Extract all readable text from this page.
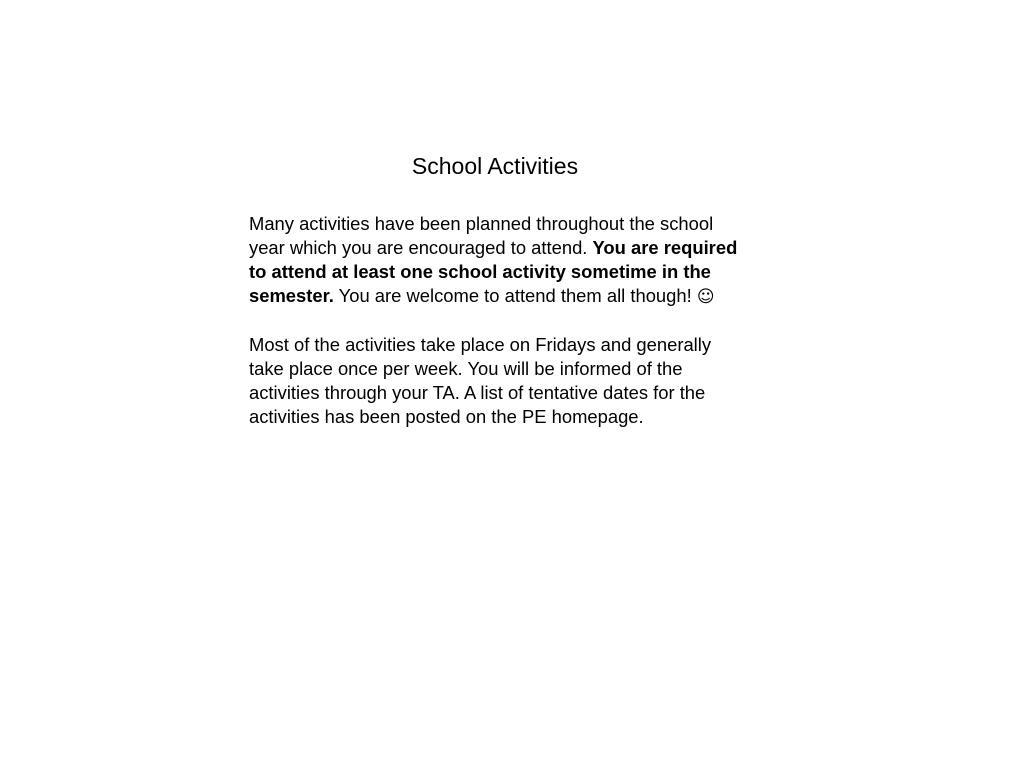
School Activities

Many activities have been planned throughout the school year which you are encouraged to attend. You are required to attend at least one school activity sometime in the semester. You are welcome to attend them all though! ☺

Most of the activities take place on Fridays and generally take place once per week. You will be informed of the activities through your TA. A list of tentative dates for the activities has been posted on the PE homepage.
